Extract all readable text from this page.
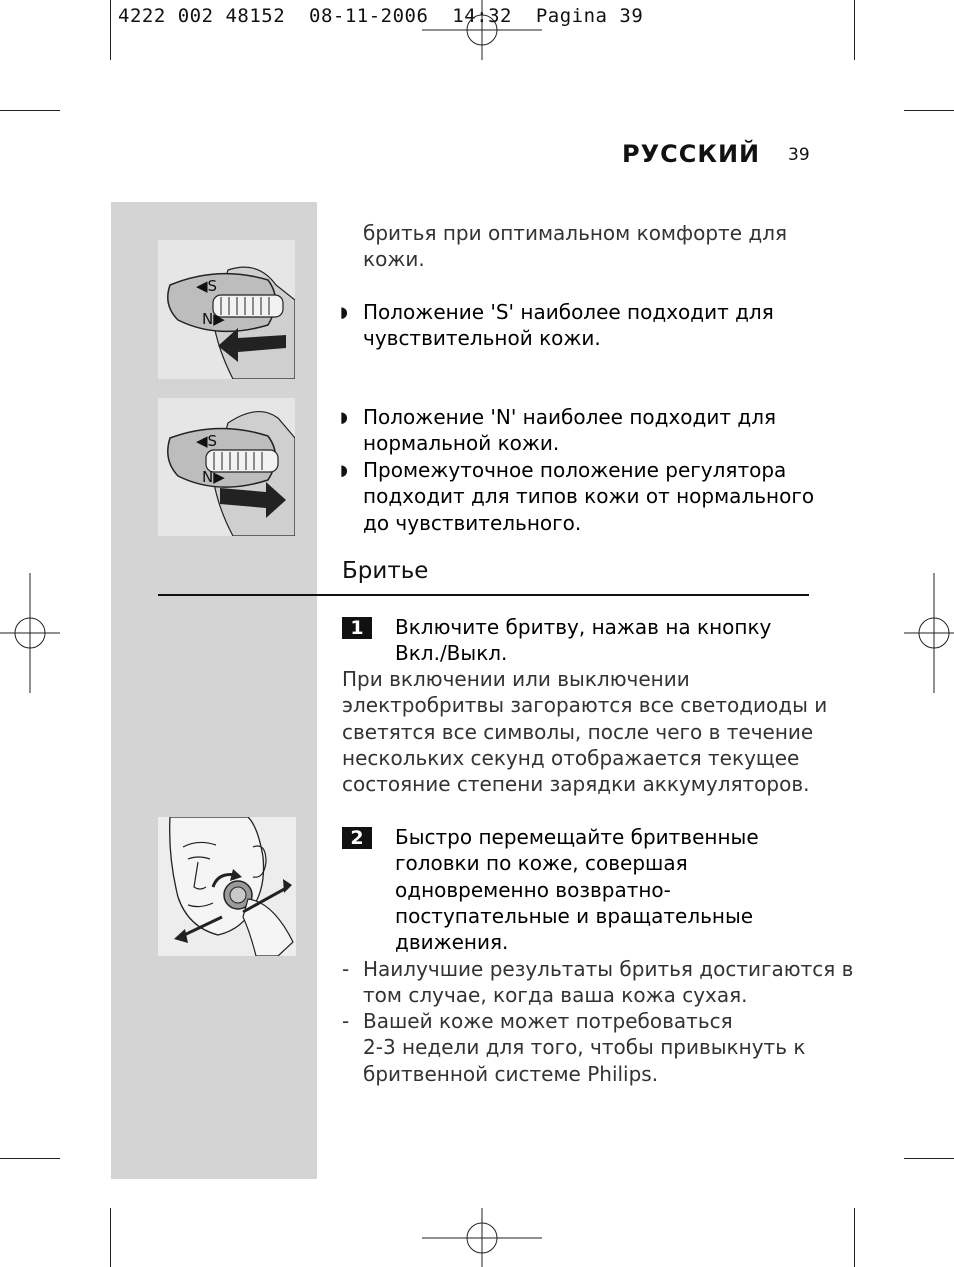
4222 002 48152  08-11-2006  14:32  Pagina 39
РУССКИЙ 39
◀S
N▶
◀S
N▶
бритья при оптимальном комфорте для
кожи.
◗ Положение 'S' наиболее подходит для
чувствительной кожи.
◗ Положение 'N' наиболее подходит для
нормальной кожи.
◗ Промежуточное положение регулятора
подходит для типов кожи от нормального
до чувствительного.
Бритье
1	Включите бритву, нажав на кнопку
Вкл./Выкл.
При включении или выключении
электробритвы загораются все светодиоды и
светятся все символы, после чего в течение
нескольких секунд отображается текущее
состояние степени зарядки аккумуляторов.
2	Быстро перемещайте бритвенные
головки по коже, совершая
одновременно возвратно-
поступательные и вращательные
движения.
- Наилучшие результаты бритья достигаются в
том случае, когда ваша кожа сухая.
- Вашей коже может потребоваться
2-3 недели для того, чтобы привыкнуть к
бритвенной системе Philips.
